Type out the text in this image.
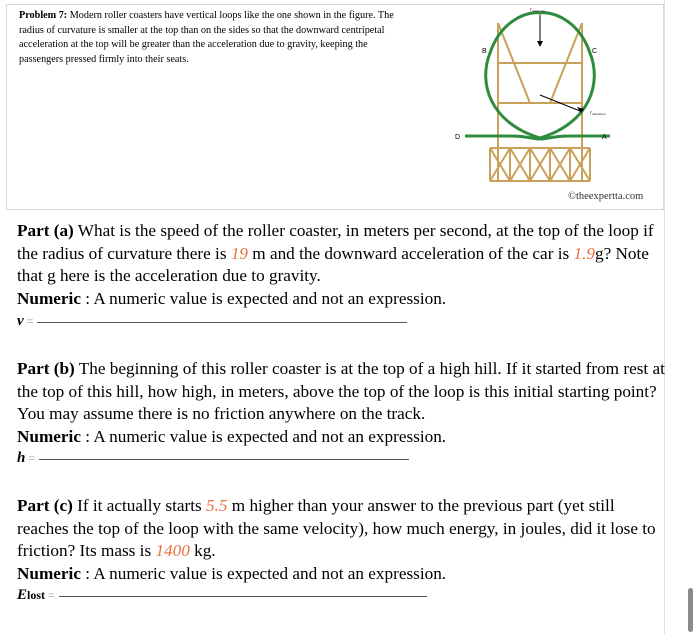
Problem 7: Modern roller coasters have vertical loops like the one shown in the figure. The radius of curvature is smaller at the top than on the sides so that the downward centripetal acceleration at the top will be greater than the acceleration due to gravity, keeping the passengers pressed firmly into their seats.
$r_{minimum}$
$r_{maximum}$
B	C
D	A
©theexpertta.com
Part (a) What is the speed of the roller coaster, in meters per second, at the top of the loop if the radius of curvature there is 19 m and the downward acceleration of the car is 1.9g? Note that g here is the acceleration due to gravity.
Numeric : A numeric value is expected and not an expression.
v =
Part (b) The beginning of this roller coaster is at the top of a high hill. If it started from rest at the top of this hill, how high, in meters, above the top of the loop is this initial starting point? You may assume there is no friction anywhere on the track.
Numeric : A numeric value is expected and not an expression.
h =
Part (c) If it actually starts 5.5 m higher than your answer to the previous part (yet still reaches the top of the loop with the same velocity), how much energy, in joules, did it lose to friction? Its mass is 1400 kg.
Numeric : A numeric value is expected and not an expression.
Elost =
